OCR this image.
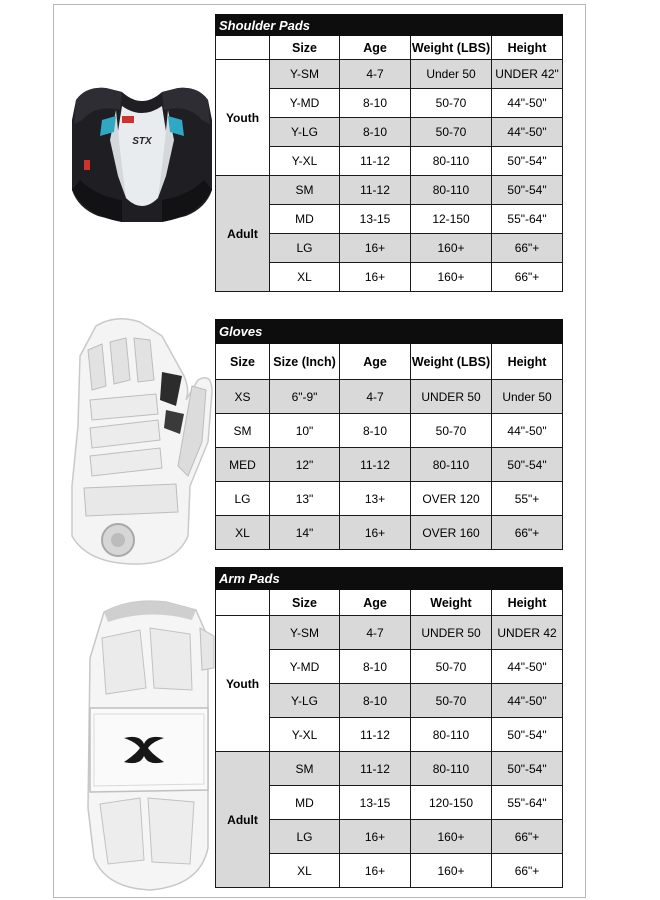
STX
Shoulder Pads				
	Size	Age	Weight (LBS)	Height
Youth	Y-SM	4-7	Under 50	UNDER 42"
	Y-MD	8-10	50-70	44"-50"
	Y-LG	8-10	50-70	44"-50"
	Y-XL	11-12	80-110	50"-54"
Adult	SM	11-12	80-110	50"-54"
	MD	13-15	12-150	55"-64"
	LG	16+	160+	66"+
	XL	16+	160+	66"+
Gloves				
Size	Size (Inch)	Age	Weight (LBS)	Height
XS	6"-9"	4-7	UNDER 50	Under 50
SM	10"	8-10	50-70	44"-50"
MED	12"	11-12	80-110	50"-54"
LG	13"	13+	OVER 120	55"+
XL	14"	16+	OVER 160	66"+
Arm Pads				
	Size	Age	Weight	Height
Youth	Y-SM	4-7	UNDER 50	UNDER 42
	Y-MD	8-10	50-70	44"-50"
	Y-LG	8-10	50-70	44"-50"
	Y-XL	11-12	80-110	50"-54"
Adult	SM	11-12	80-110	50"-54"
	MD	13-15	120-150	55"-64"
	LG	16+	160+	66"+
	XL	16+	160+	66"+
